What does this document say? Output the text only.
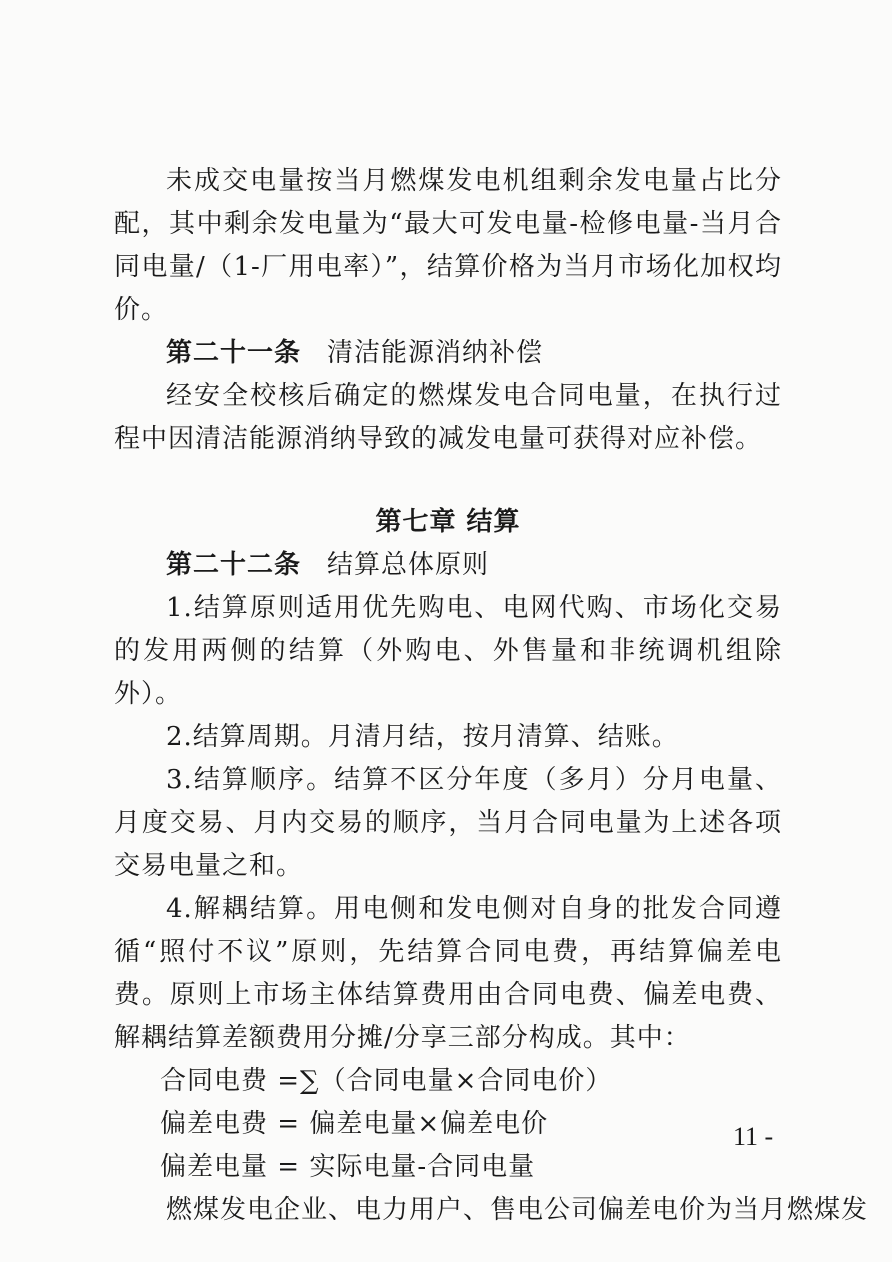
未成交电量按当月燃煤发电机组剩余发电量占比分配，其中剩余发电量为“最大可发电量-检修电量-当月合同电量/（1-厂用电率）”，结算价格为当月市场化加权均价。

第二十一条 清洁能源消纳补偿

经安全校核后确定的燃煤发电合同电量，在执行过程中因清洁能源消纳导致的减发电量可获得对应补偿。

第七章 结算

第二十二条 结算总体原则

1.结算原则适用优先购电、电网代购、市场化交易的发用两侧的结算（外购电、外售量和非统调机组除外）。

2.结算周期。月清月结，按月清算、结账。

3.结算顺序。结算不区分年度（多月）分月电量、月度交易、月内交易的顺序，当月合同电量为上述各项交易电量之和。

4.解耦结算。用电侧和发电侧对自身的批发合同遵循“照付不议”原则，先结算合同电费，再结算偏差电费。原则上市场主体结算费用由合同电费、偏差电费、解耦结算差额费用分摊/分享三部分构成。其中：

合同电费 =∑（合同电量×合同电价）

偏差电费 = 偏差电量×偏差电价

偏差电量 = 实际电量-合同电量

燃煤发电企业、电力用户、售电公司偏差电价为当月燃煤发

11 -
